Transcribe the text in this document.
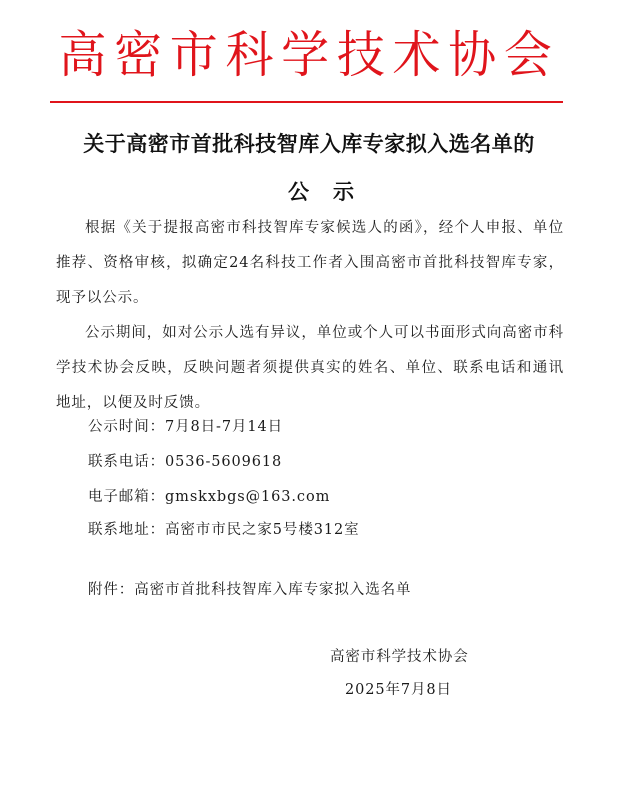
高密市科学技术协会
关于高密市首批科技智库入库专家拟入选名单的
公示
根据《关于提报高密市科技智库专家候选人的函》，经个人申报、单位推荐、资格审核，拟确定24名科技工作者入围高密市首批科技智库专家，现予以公示。
公示期间，如对公示人选有异议，单位或个人可以书面形式向高密市科学技术协会反映，反映问题者须提供真实的姓名、单位、联系电话和通讯地址，以便及时反馈。
公示时间：7月8日-7月14日
联系电话：0536-5609618
电子邮箱：gmskxbgs@163.com
联系地址：高密市市民之家5号楼312室
附件：高密市首批科技智库入库专家拟入选名单
高密市科学技术协会
2025年7月8日
